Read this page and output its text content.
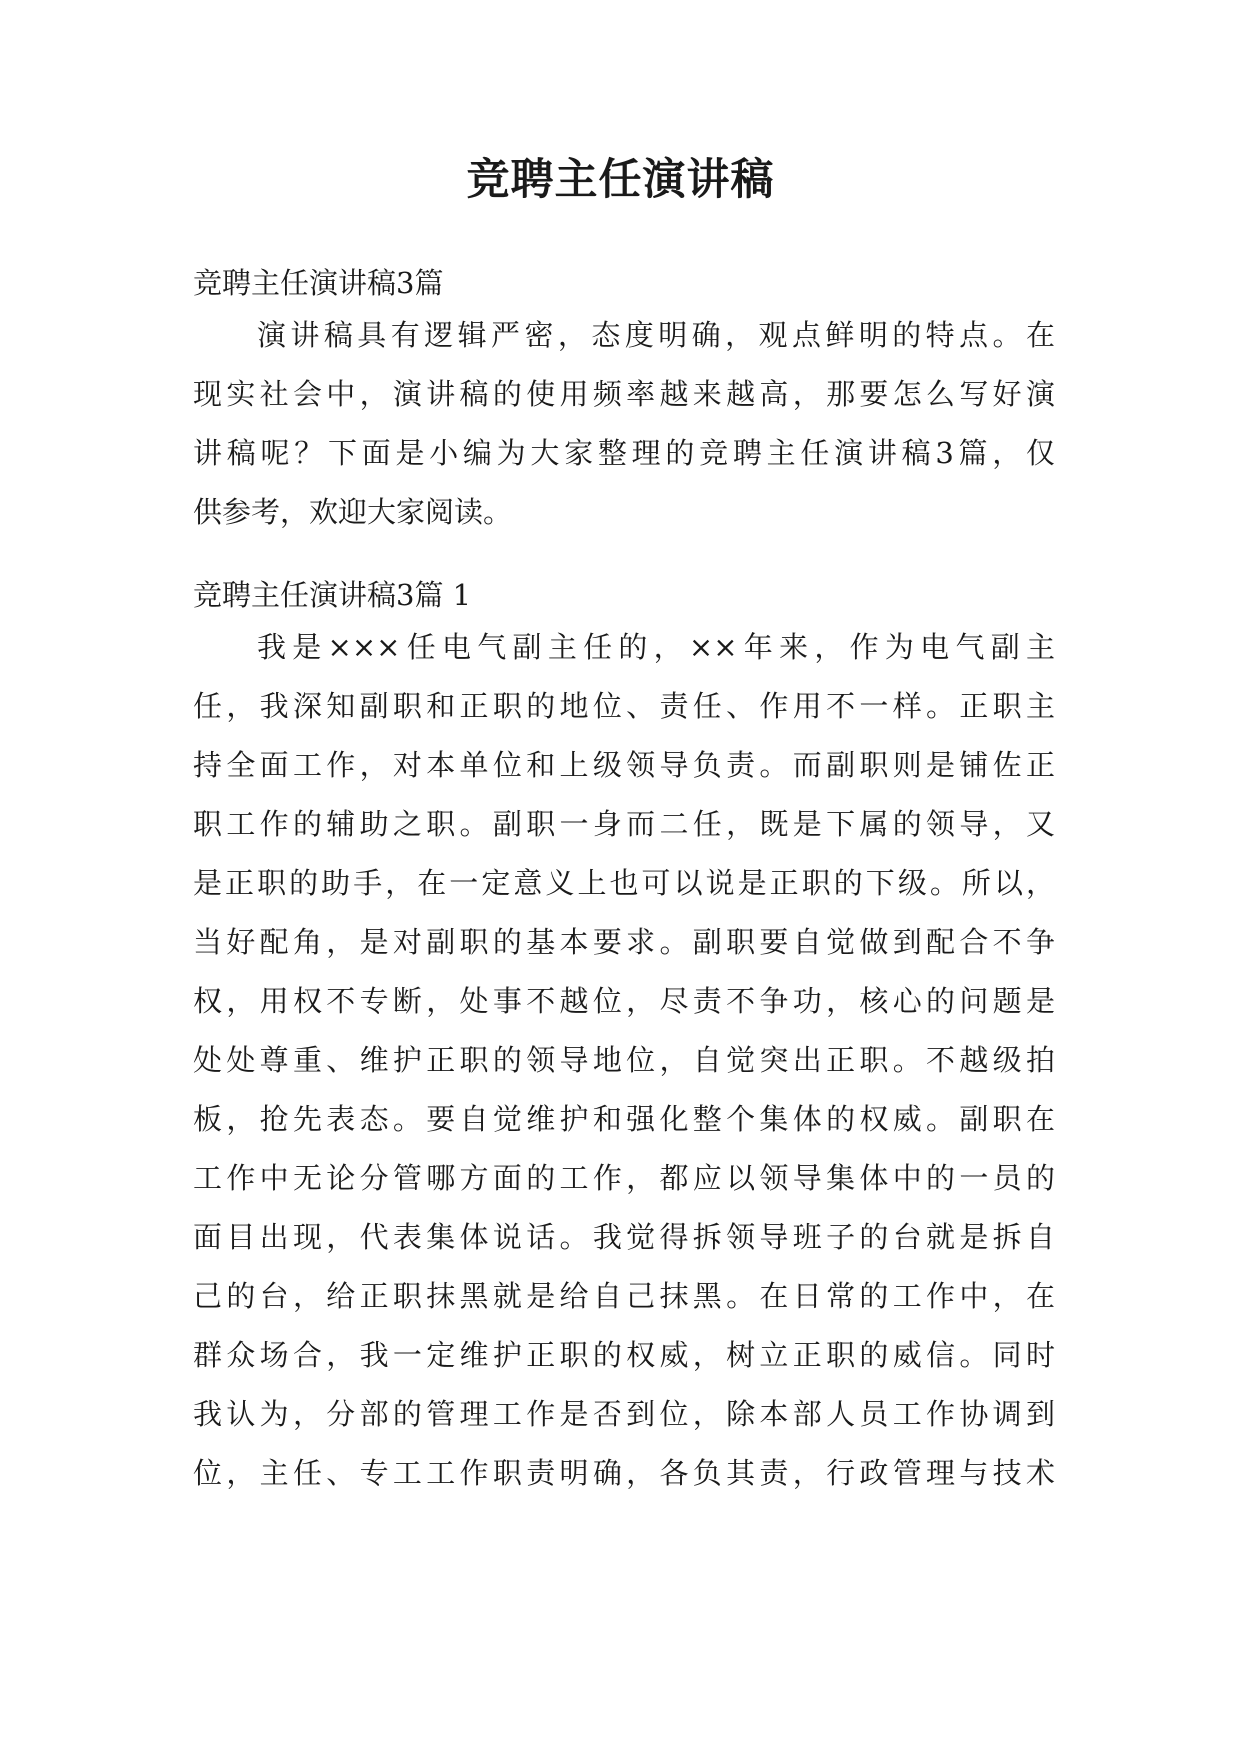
竞聘主任演讲稿

竞聘主任演讲稿3篇

演讲稿具有逻辑严密，态度明确，观点鲜明的特点。在
现实社会中，演讲稿的使用频率越来越高，那要怎么写好演
讲稿呢？下面是小编为大家整理的竞聘主任演讲稿3篇，仅
供参考，欢迎大家阅读。

竞聘主任演讲稿3篇 1

我是×××任电气副主任的，××年来，作为电气副主
任，我深知副职和正职的地位、责任、作用不一样。正职主
持全面工作，对本单位和上级领导负责。而副职则是铺佐正
职工作的辅助之职。副职一身而二任，既是下属的领导，又
是正职的助手，在一定意义上也可以说是正职的下级。所以，
当好配角，是对副职的基本要求。副职要自觉做到配合不争
权，用权不专断，处事不越位，尽责不争功，核心的问题是
处处尊重、维护正职的领导地位，自觉突出正职。不越级拍
板，抢先表态。要自觉维护和强化整个集体的权威。副职在
工作中无论分管哪方面的工作，都应以领导集体中的一员的
面目出现，代表集体说话。我觉得拆领导班子的台就是拆自
己的台，给正职抹黑就是给自己抹黑。在日常的工作中，在
群众场合，我一定维护正职的权威，树立正职的威信。同时
我认为，分部的管理工作是否到位，除本部人员工作协调到
位，主任、专工工作职责明确，各负其责，行政管理与技术
